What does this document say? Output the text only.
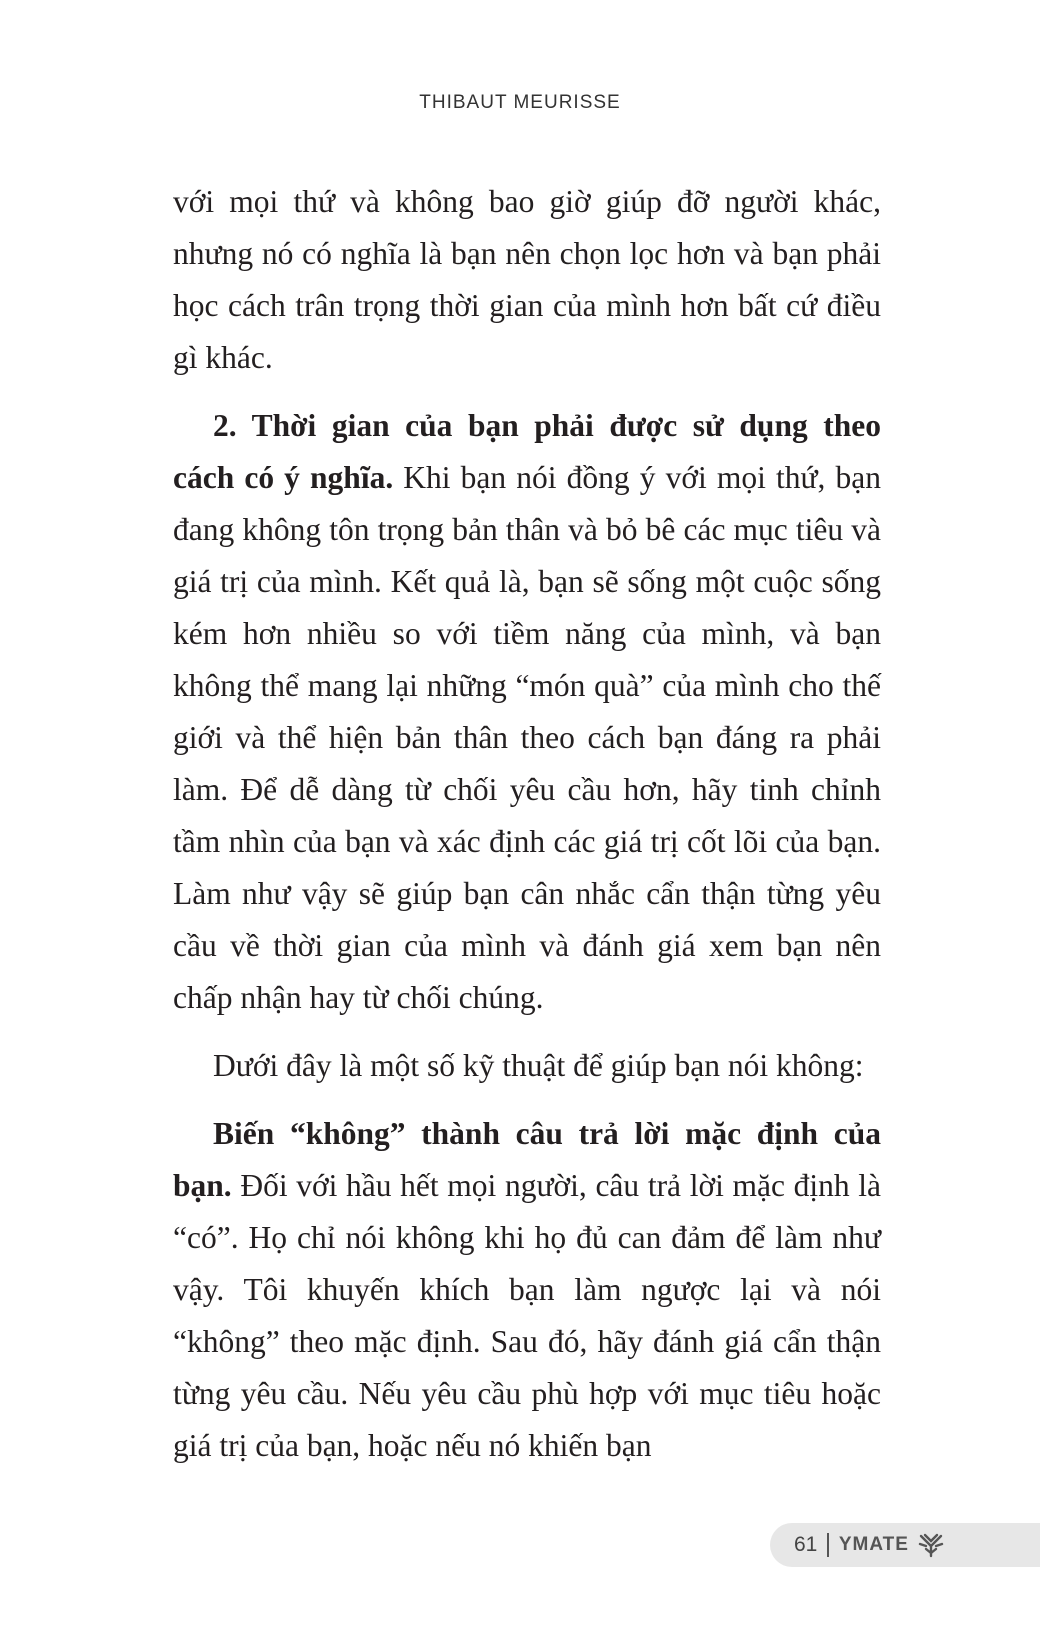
THIBAUT MEURISSE

với mọi thứ và không bao giờ giúp đỡ người khác, nhưng nó có nghĩa là bạn nên chọn lọc hơn và bạn phải học cách trân trọng thời gian của mình hơn bất cứ điều gì khác.

2. Thời gian của bạn phải được sử dụng theo cách có ý nghĩa. Khi bạn nói đồng ý với mọi thứ, bạn đang không tôn trọng bản thân và bỏ bê các mục tiêu và giá trị của mình. Kết quả là, bạn sẽ sống một cuộc sống kém hơn nhiều so với tiềm năng của mình, và bạn không thể mang lại những “món quà” của mình cho thế giới và thể hiện bản thân theo cách bạn đáng ra phải làm. Để dễ dàng từ chối yêu cầu hơn, hãy tinh chỉnh tầm nhìn của bạn và xác định các giá trị cốt lõi của bạn. Làm như vậy sẽ giúp bạn cân nhắc cẩn thận từng yêu cầu về thời gian của mình và đánh giá xem bạn nên chấp nhận hay từ chối chúng.

Dưới đây là một số kỹ thuật để giúp bạn nói không:

Biến “không” thành câu trả lời mặc định của bạn. Đối với hầu hết mọi người, câu trả lời mặc định là “có”. Họ chỉ nói không khi họ đủ can đảm để làm như vậy. Tôi khuyến khích bạn làm ngược lại và nói “không” theo mặc định. Sau đó, hãy đánh giá cẩn thận từng yêu cầu. Nếu yêu cầu phù hợp với mục tiêu hoặc giá trị của bạn, hoặc nếu nó khiến bạn

61 YMATE
